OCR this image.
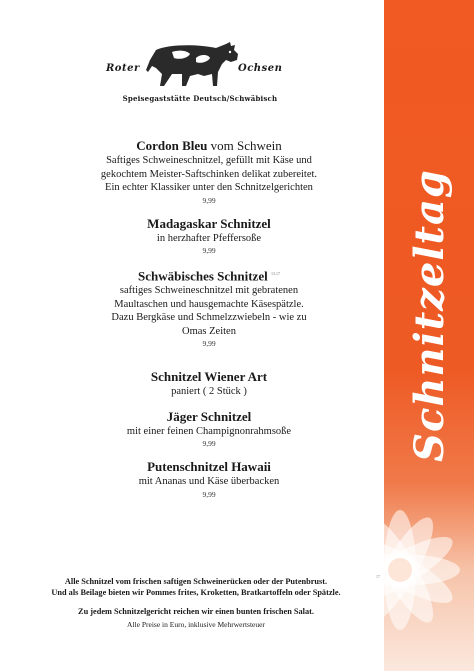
Schnitzeltag
Roter	Ochsen
Speisegaststätte Deutsch/Schwäbisch
Cordon Bleu vom Schwein
Saftiges Schweineschnitzel, gefüllt mit Käse und
gekochtem Meister-Saftschinken delikat zubereitet.
Ein echter Klassiker unter den Schnitzelgerichten
9,99
Madagaskar Schnitzel
in herzhafter Pfeffersoße
9,99
Schwäbisches Schnitzel $^{13,17}$
saftiges Schweineschnitzel mit gebratenen
Maultaschen und hausgemachte Käsespätzle.
Dazu Bergkäse und Schmelzzwiebeln - wie zu Omas Zeiten
9,99
Schnitzel Wiener Art
paniert ( 2 Stück )
Jäger Schnitzel
mit einer feinen Champignonrahmsoße
9,99
Putenschnitzel Hawaii
mit Ananas und Käse überbacken
9,99
17
Alle Schnitzel vom frischen saftigen Schweinerücken oder der Putenbrust.
Und als Beilage bieten wir Pommes frites, Kroketten, Bratkartoffeln oder Spätzle.
Zu jedem Schnitzelgericht reichen wir einen bunten frischen Salat.
Alle Preise in Euro, inklusive Mehrwertsteuer
